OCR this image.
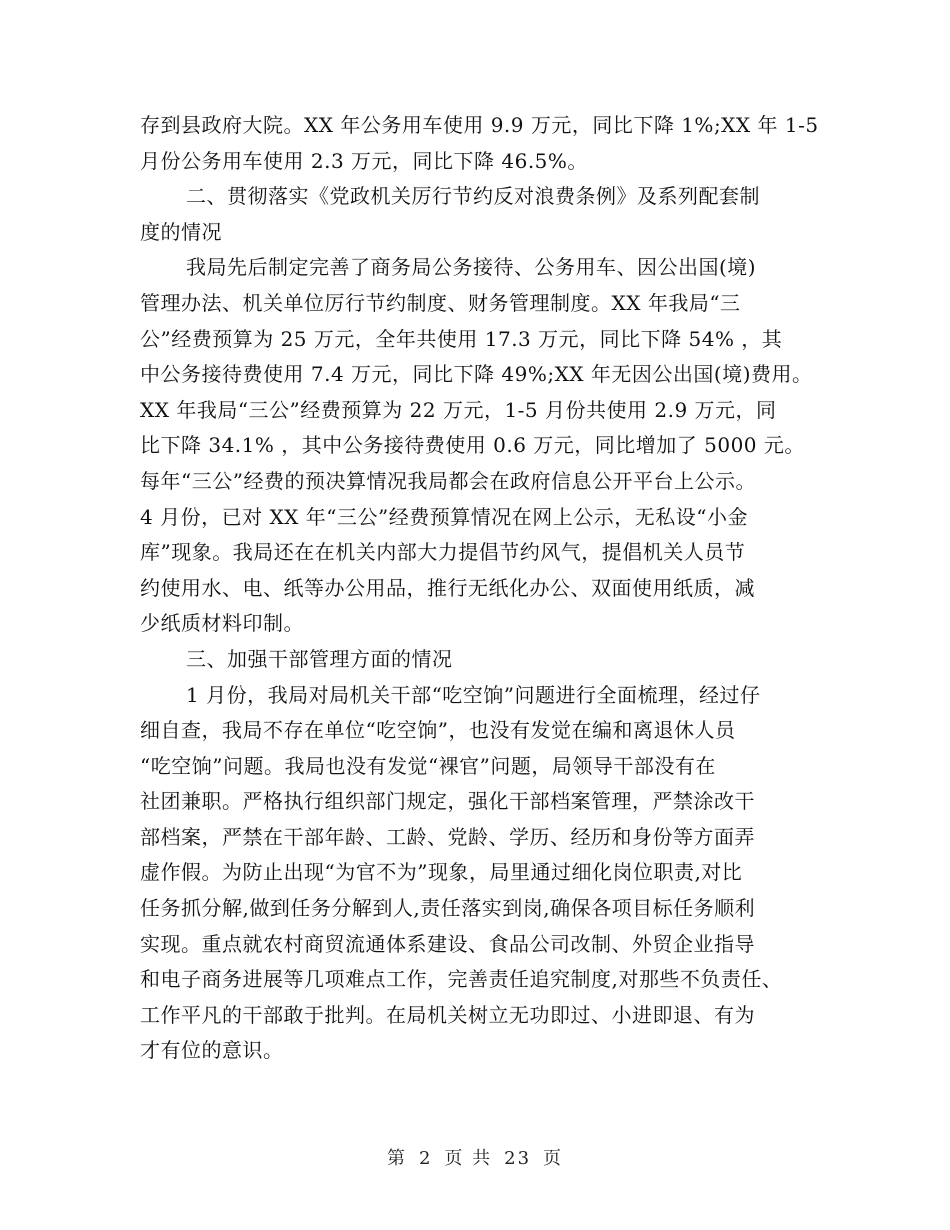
存到县政府大院。XX 年公务用车使用 9.9 万元，同比下降 1%;XX 年 1-5
月份公务用车使用 2.3 万元，同比下降 46.5%。
二、贯彻落实《党政机关厉行节约反对浪费条例》及系列配套制
度的情况
我局先后制定完善了商务局公务接待、公务用车、因公出国(境)
管理办法、机关单位厉行节约制度、财务管理制度。XX 年我局“三
公”经费预算为 25 万元，全年共使用 17.3 万元，同比下降 54% ，其
中公务接待费使用 7.4 万元，同比下降 49%;XX 年无因公出国(境)费用。
XX 年我局“三公”经费预算为 22 万元，1-5 月份共使用 2.9 万元，同
比下降 34.1% ，其中公务接待费使用 0.6 万元，同比增加了 5000 元。
每年“三公”经费的预决算情况我局都会在政府信息公开平台上公示。
4 月份，已对 XX 年“三公”经费预算情况在网上公示，无私设“小金
库”现象。我局还在在机关内部大力提倡节约风气，提倡机关人员节
约使用水、电、纸等办公用品，推行无纸化办公、双面使用纸质，减
少纸质材料印制。
三、加强干部管理方面的情况
1 月份，我局对局机关干部“吃空饷”问题进行全面梳理，经过仔
细自查，我局不存在单位“吃空饷”，也没有发觉在编和离退休人员
“吃空饷”问题。我局也没有发觉“裸官”问题，局领导干部没有在
社团兼职。严格执行组织部门规定，强化干部档案管理，严禁涂改干
部档案，严禁在干部年龄、工龄、党龄、学历、经历和身份等方面弄
虚作假。为防止出现“为官不为”现象，局里通过细化岗位职责,对比
任务抓分解,做到任务分解到人,责任落实到岗,确保各项目标任务顺利
实现。重点就农村商贸流通体系建设、食品公司改制、外贸企业指导
和电子商务进展等几项难点工作，完善责任追究制度,对那些不负责任、
工作平凡的干部敢于批判。在局机关树立无功即过、小进即退、有为
才有位的意识。
第 2 页 共 23 页
